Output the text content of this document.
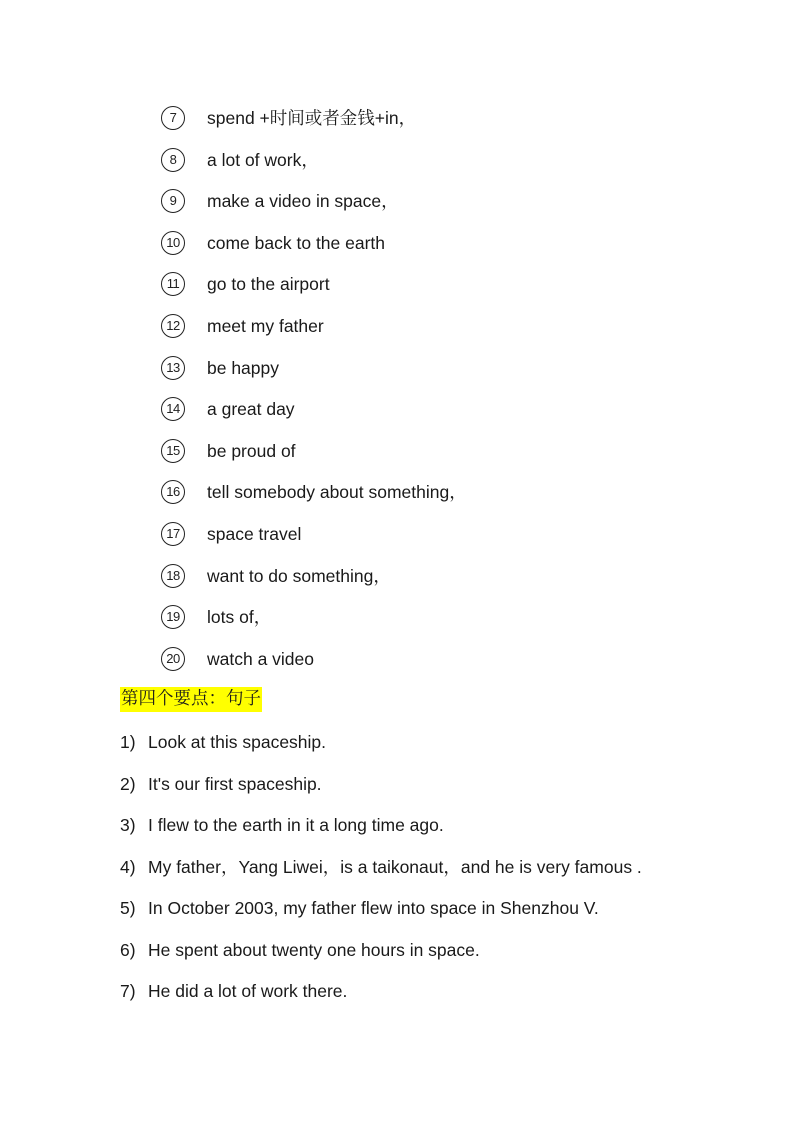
7	spend +时间或者金钱+in，
8	a lot of work，
9	make a video in space，
10	come back to the earth
11	go to the airport
12	meet my father
13	be happy
14	a great day
15	be proud of
16	tell somebody about something，
17	space travel
18	want to do something，
19	lots of，
20	watch a video
第四个要点：句子
1) Look at this spaceship.
2) It's our first spaceship.
3) I flew to the earth in it a long time ago.
4) My father，Yang Liwei，is a taikonaut，and he is very famous .
5) In October 2003, my father flew into space in Shenzhou V.
6) He spent about twenty one hours in space.
7) He did a lot of work there.
